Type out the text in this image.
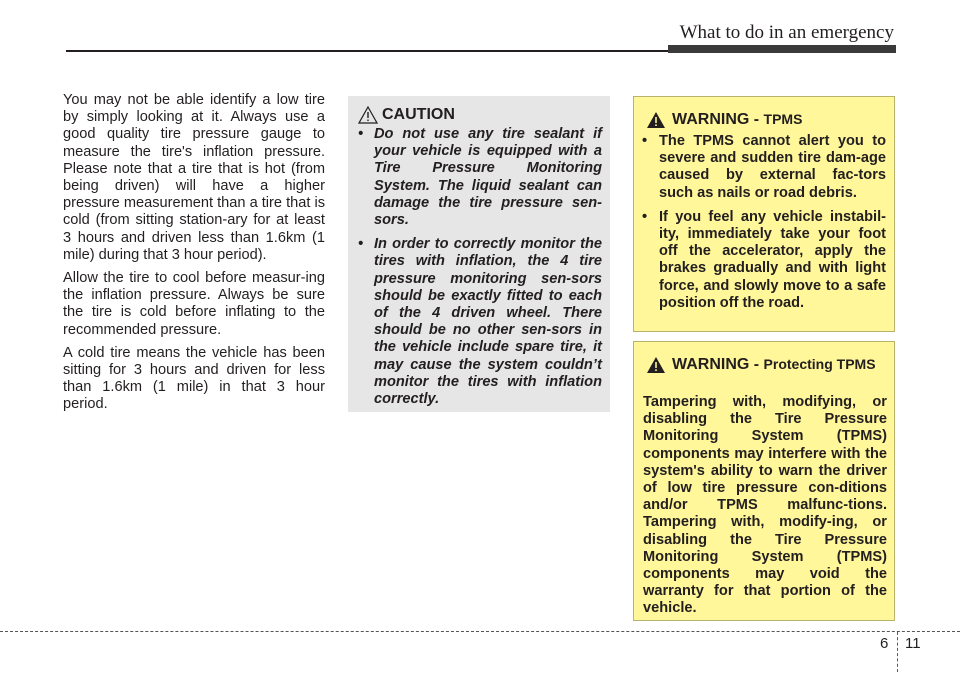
What to do in an emergency

You may not be able identify a low tire by simply looking at it. Always use a good quality tire pressure gauge to measure the tire's inflation pressure. Please note that a tire that is hot (from being driven) will have a higher pressure measurement than a tire that is cold (from sitting station-ary for at least 3 hours and driven less than 1.6km (1 mile) during that 3 hour period).

Allow the tire to cool before measur-ing the inflation pressure. Always be sure the tire is cold before inflating to the recommended pressure.

A cold tire means the vehicle has been sitting for 3 hours and driven for less than 1.6km (1 mile) in that 3 hour period.

CAUTION
• Do not use any tire sealant if your vehicle is equipped with a Tire Pressure Monitoring System. The liquid sealant can damage the tire pressure sen-sors.
• In order to correctly monitor the tires with inflation, the 4 tire pressure monitoring sen-sors should be exactly fitted to each of the 4 driven wheel. There should be no other sen-sors in the vehicle include spare tire, it may cause the system couldn’t monitor the tires with inflation correctly.
WARNING - TPMS
• The TPMS cannot alert you to severe and sudden tire dam-age caused by external fac-tors such as nails or road debris.
• If you feel any vehicle instabil-ity, immediately take your foot off the accelerator, apply the brakes gradually and with light force, and slowly move to a safe position off the road.
WARNING - Protecting TPMS
Tampering with, modifying, or disabling the Tire Pressure Monitoring System (TPMS) components may interfere with the system's ability to warn the driver of low tire pressure con-ditions and/or TPMS malfunc-tions. Tampering with, modify-ing, or disabling the Tire Pressure Monitoring System (TPMS) components may void the warranty for that portion of the vehicle.
6 11
